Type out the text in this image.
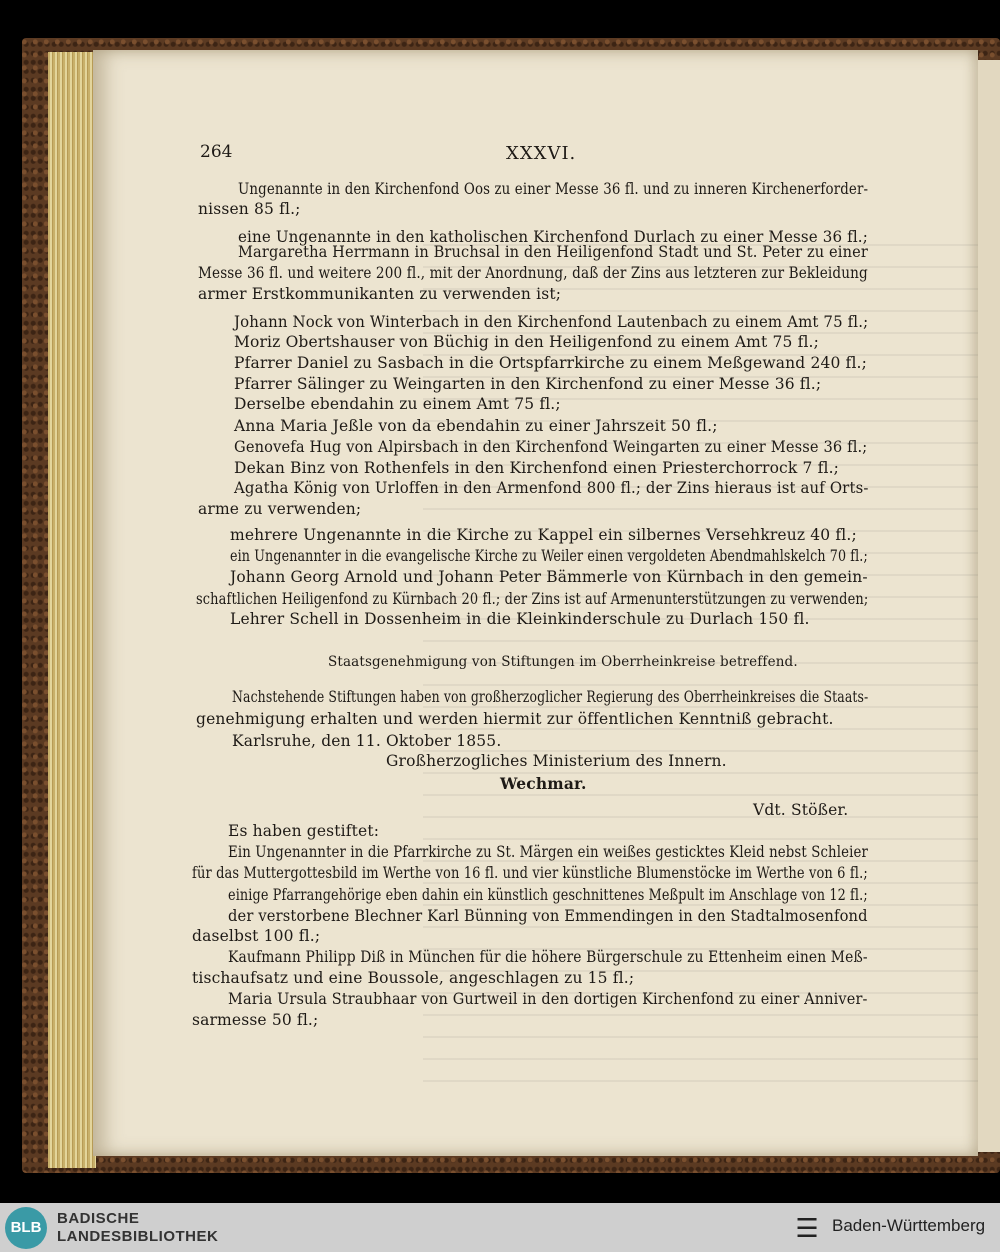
264	XXXVI.
Ungenannte in den Kirchenfond Oos zu einer Messe 36 fl. und zu inneren Kirchenerforder-
nissen 85 fl.;
eine Ungenannte in den katholischen Kirchenfond Durlach zu einer Messe 36 fl.;
Margaretha Herrmann in Bruchsal in den Heiligenfond Stadt und St. Peter zu einer
Messe 36 fl. und weitere 200 fl., mit der Anordnung, daß der Zins aus letzteren zur Bekleidung
armer Erstkommunikanten zu verwenden ist;
Johann Nock von Winterbach in den Kirchenfond Lautenbach zu einem Amt 75 fl.;
Moriz Obertshauser von Büchig in den Heiligenfond zu einem Amt 75 fl.;
Pfarrer Daniel zu Sasbach in die Ortspfarrkirche zu einem Meßgewand 240 fl.;
Pfarrer Sälinger zu Weingarten in den Kirchenfond zu einer Messe 36 fl.;
Derselbe ebendahin zu einem Amt 75 fl.;
Anna Maria Jeßle von da ebendahin zu einer Jahrszeit 50 fl.;
Genovefa Hug von Alpirsbach in den Kirchenfond Weingarten zu einer Messe 36 fl.;
Dekan Binz von Rothenfels in den Kirchenfond einen Priesterchorrock 7 fl.;
Agatha König von Urloffen in den Armenfond 800 fl.; der Zins hieraus ist auf Orts-
arme zu verwenden;
mehrere Ungenannte in die Kirche zu Kappel ein silbernes Versehkreuz 40 fl.;
ein Ungenannter in die evangelische Kirche zu Weiler einen vergoldeten Abendmahlskelch 70 fl.;
Johann Georg Arnold und Johann Peter Bämmerle von Kürnbach in den gemein-
schaftlichen Heiligenfond zu Kürnbach 20 fl.; der Zins ist auf Armenunterstützungen zu verwenden;
Lehrer Schell in Dossenheim in die Kleinkinderschule zu Durlach 150 fl.
Staatsgenehmigung von Stiftungen im Oberrheinkreise betreffend.
Nachstehende Stiftungen haben von großherzoglicher Regierung des Oberrheinkreises die Staats-
genehmigung erhalten und werden hiermit zur öffentlichen Kenntniß gebracht.
Karlsruhe, den 11. Oktober 1855.
Großherzogliches Ministerium des Innern.
Wechmar.
Vdt. Stößer.
Es haben gestiftet:
Ein Ungenannter in die Pfarrkirche zu St. Märgen ein weißes gesticktes Kleid nebst Schleier
für das Muttergottesbild im Werthe von 16 fl. und vier künstliche Blumenstöcke im Werthe von 6 fl.;
einige Pfarrangehörige eben dahin ein künstlich geschnittenes Meßpult im Anschlage von 12 fl.;
der verstorbene Blechner Karl Bünning von Emmendingen in den Stadtalmosenfond
daselbst 100 fl.;
Kaufmann Philipp Diß in München für die höhere Bürgerschule zu Ettenheim einen Meß-
tischaufsatz und eine Boussole, angeschlagen zu 15 fl.;
Maria Ursula Straubhaar von Gurtweil in den dortigen Kirchenfond zu einer Anniver-
sarmesse 50 fl.;
BLB
BADISCHE
LANDESBIBLIOTHEK	☰ Baden-Württemberg
